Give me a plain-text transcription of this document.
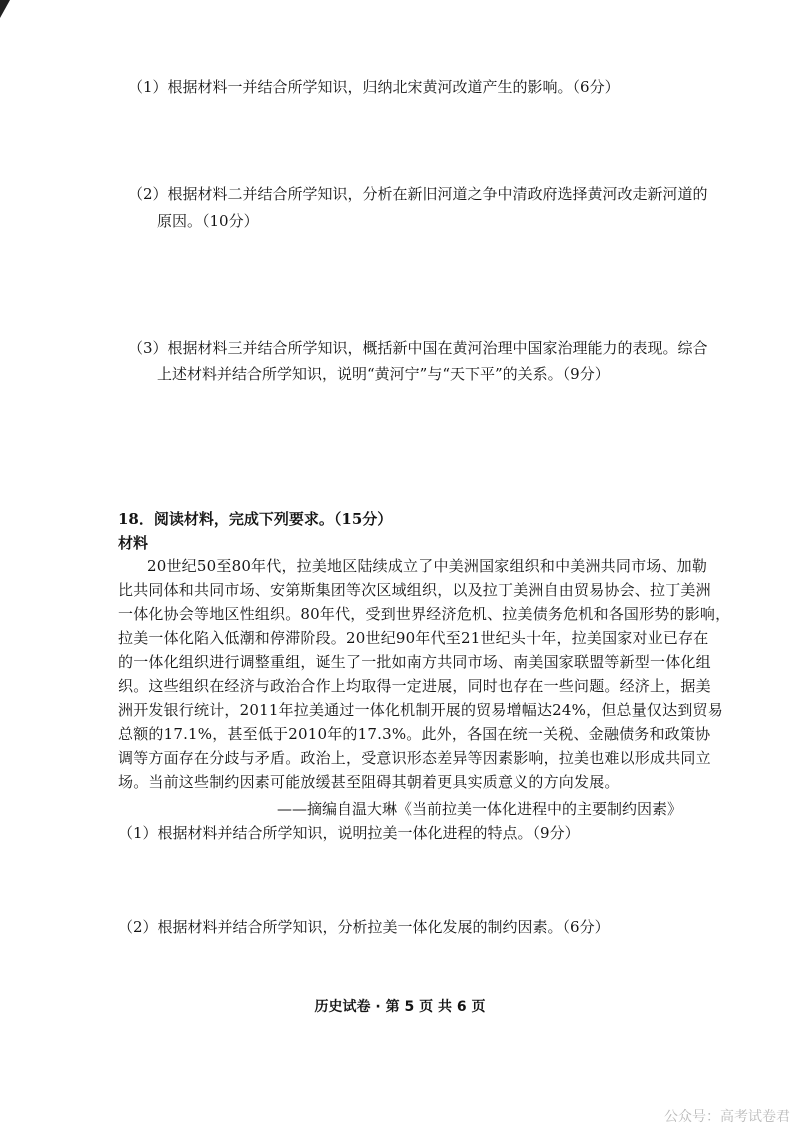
（1）根据材料一并结合所学知识，归纳北宋黄河改道产生的影响。（6分）
（2）根据材料二并结合所学知识，分析在新旧河道之争中清政府选择黄河改走新河道的
原因。（10分）
（3）根据材料三并结合所学知识，概括新中国在黄河治理中国家治理能力的表现。综合
上述材料并结合所学知识，说明“黄河宁”与“天下平”的关系。（9分）
18．阅读材料，完成下列要求。（15分）
材料
20世纪50至80年代，拉美地区陆续成立了中美洲国家组织和中美洲共同市场、加勒
比共同体和共同市场、安第斯集团等次区域组织，以及拉丁美洲自由贸易协会、拉丁美洲
一体化协会等地区性组织。80年代，受到世界经济危机、拉美债务危机和各国形势的影响，
拉美一体化陷入低潮和停滞阶段。20世纪90年代至21世纪头十年，拉美国家对业已存在
的一体化组织进行调整重组，诞生了一批如南方共同市场、南美国家联盟等新型一体化组
织。这些组织在经济与政治合作上均取得一定进展，同时也存在一些问题。经济上，据美
洲开发银行统计，2011年拉美通过一体化机制开展的贸易增幅达24%，但总量仅达到贸易
总额的17.1%，甚至低于2010年的17.3%。此外，各国在统一关税、金融债务和政策协
调等方面存在分歧与矛盾。政治上，受意识形态差异等因素影响，拉美也难以形成共同立
场。当前这些制约因素可能放缓甚至阻碍其朝着更具实质意义的方向发展。
——摘编自温大琳《当前拉美一体化进程中的主要制约因素》
（1）根据材料并结合所学知识，说明拉美一体化进程的特点。（9分）
（2）根据材料并结合所学知识，分析拉美一体化发展的制约因素。（6分）
历史试卷 · 第 5 页 共 6 页
公众号：高考试卷君
